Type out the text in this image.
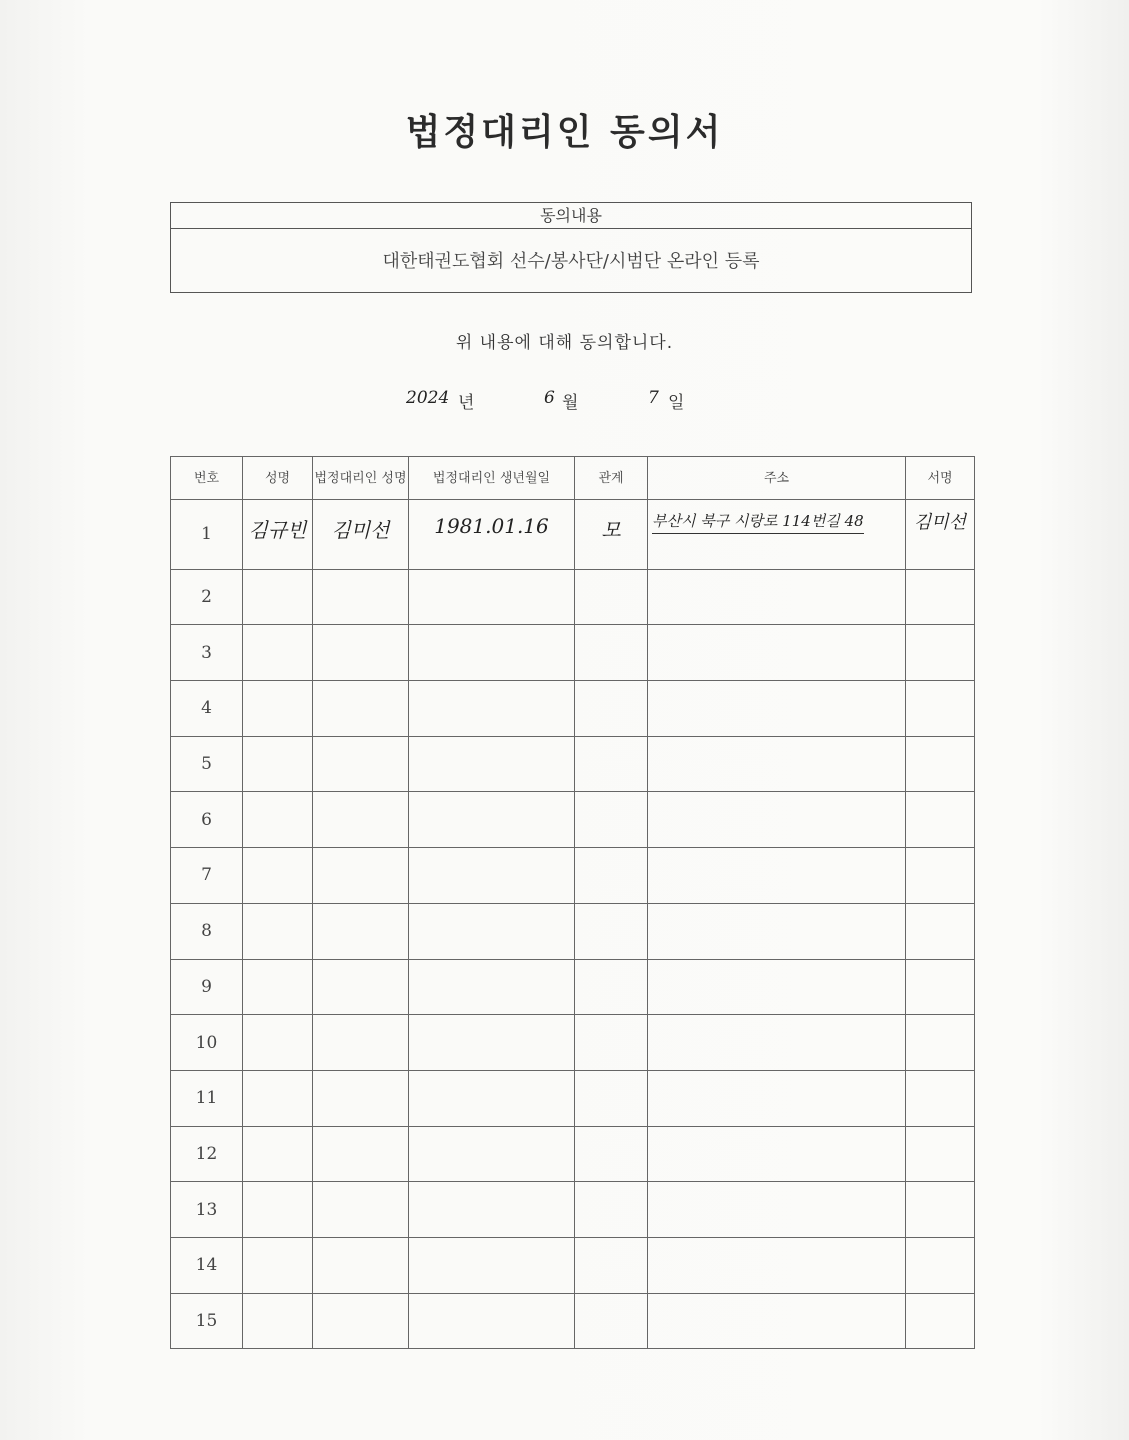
법정대리인 동의서
동의내용
대한태권도협회 선수/봉사단/시범단 온라인 등록
위 내용에 대해 동의합니다.
2024 년	6 월	7 일
번호	성명	법정대리인 성명	법정대리인 생년월일	관계	주소	서명
1	김규빈	김미선	1981.01.16	모	부산시 북구 시랑로 114번길 48	김미선
2						
3						
4						
5						
6						
7						
8						
9						
10						
11						
12						
13						
14						
15						
